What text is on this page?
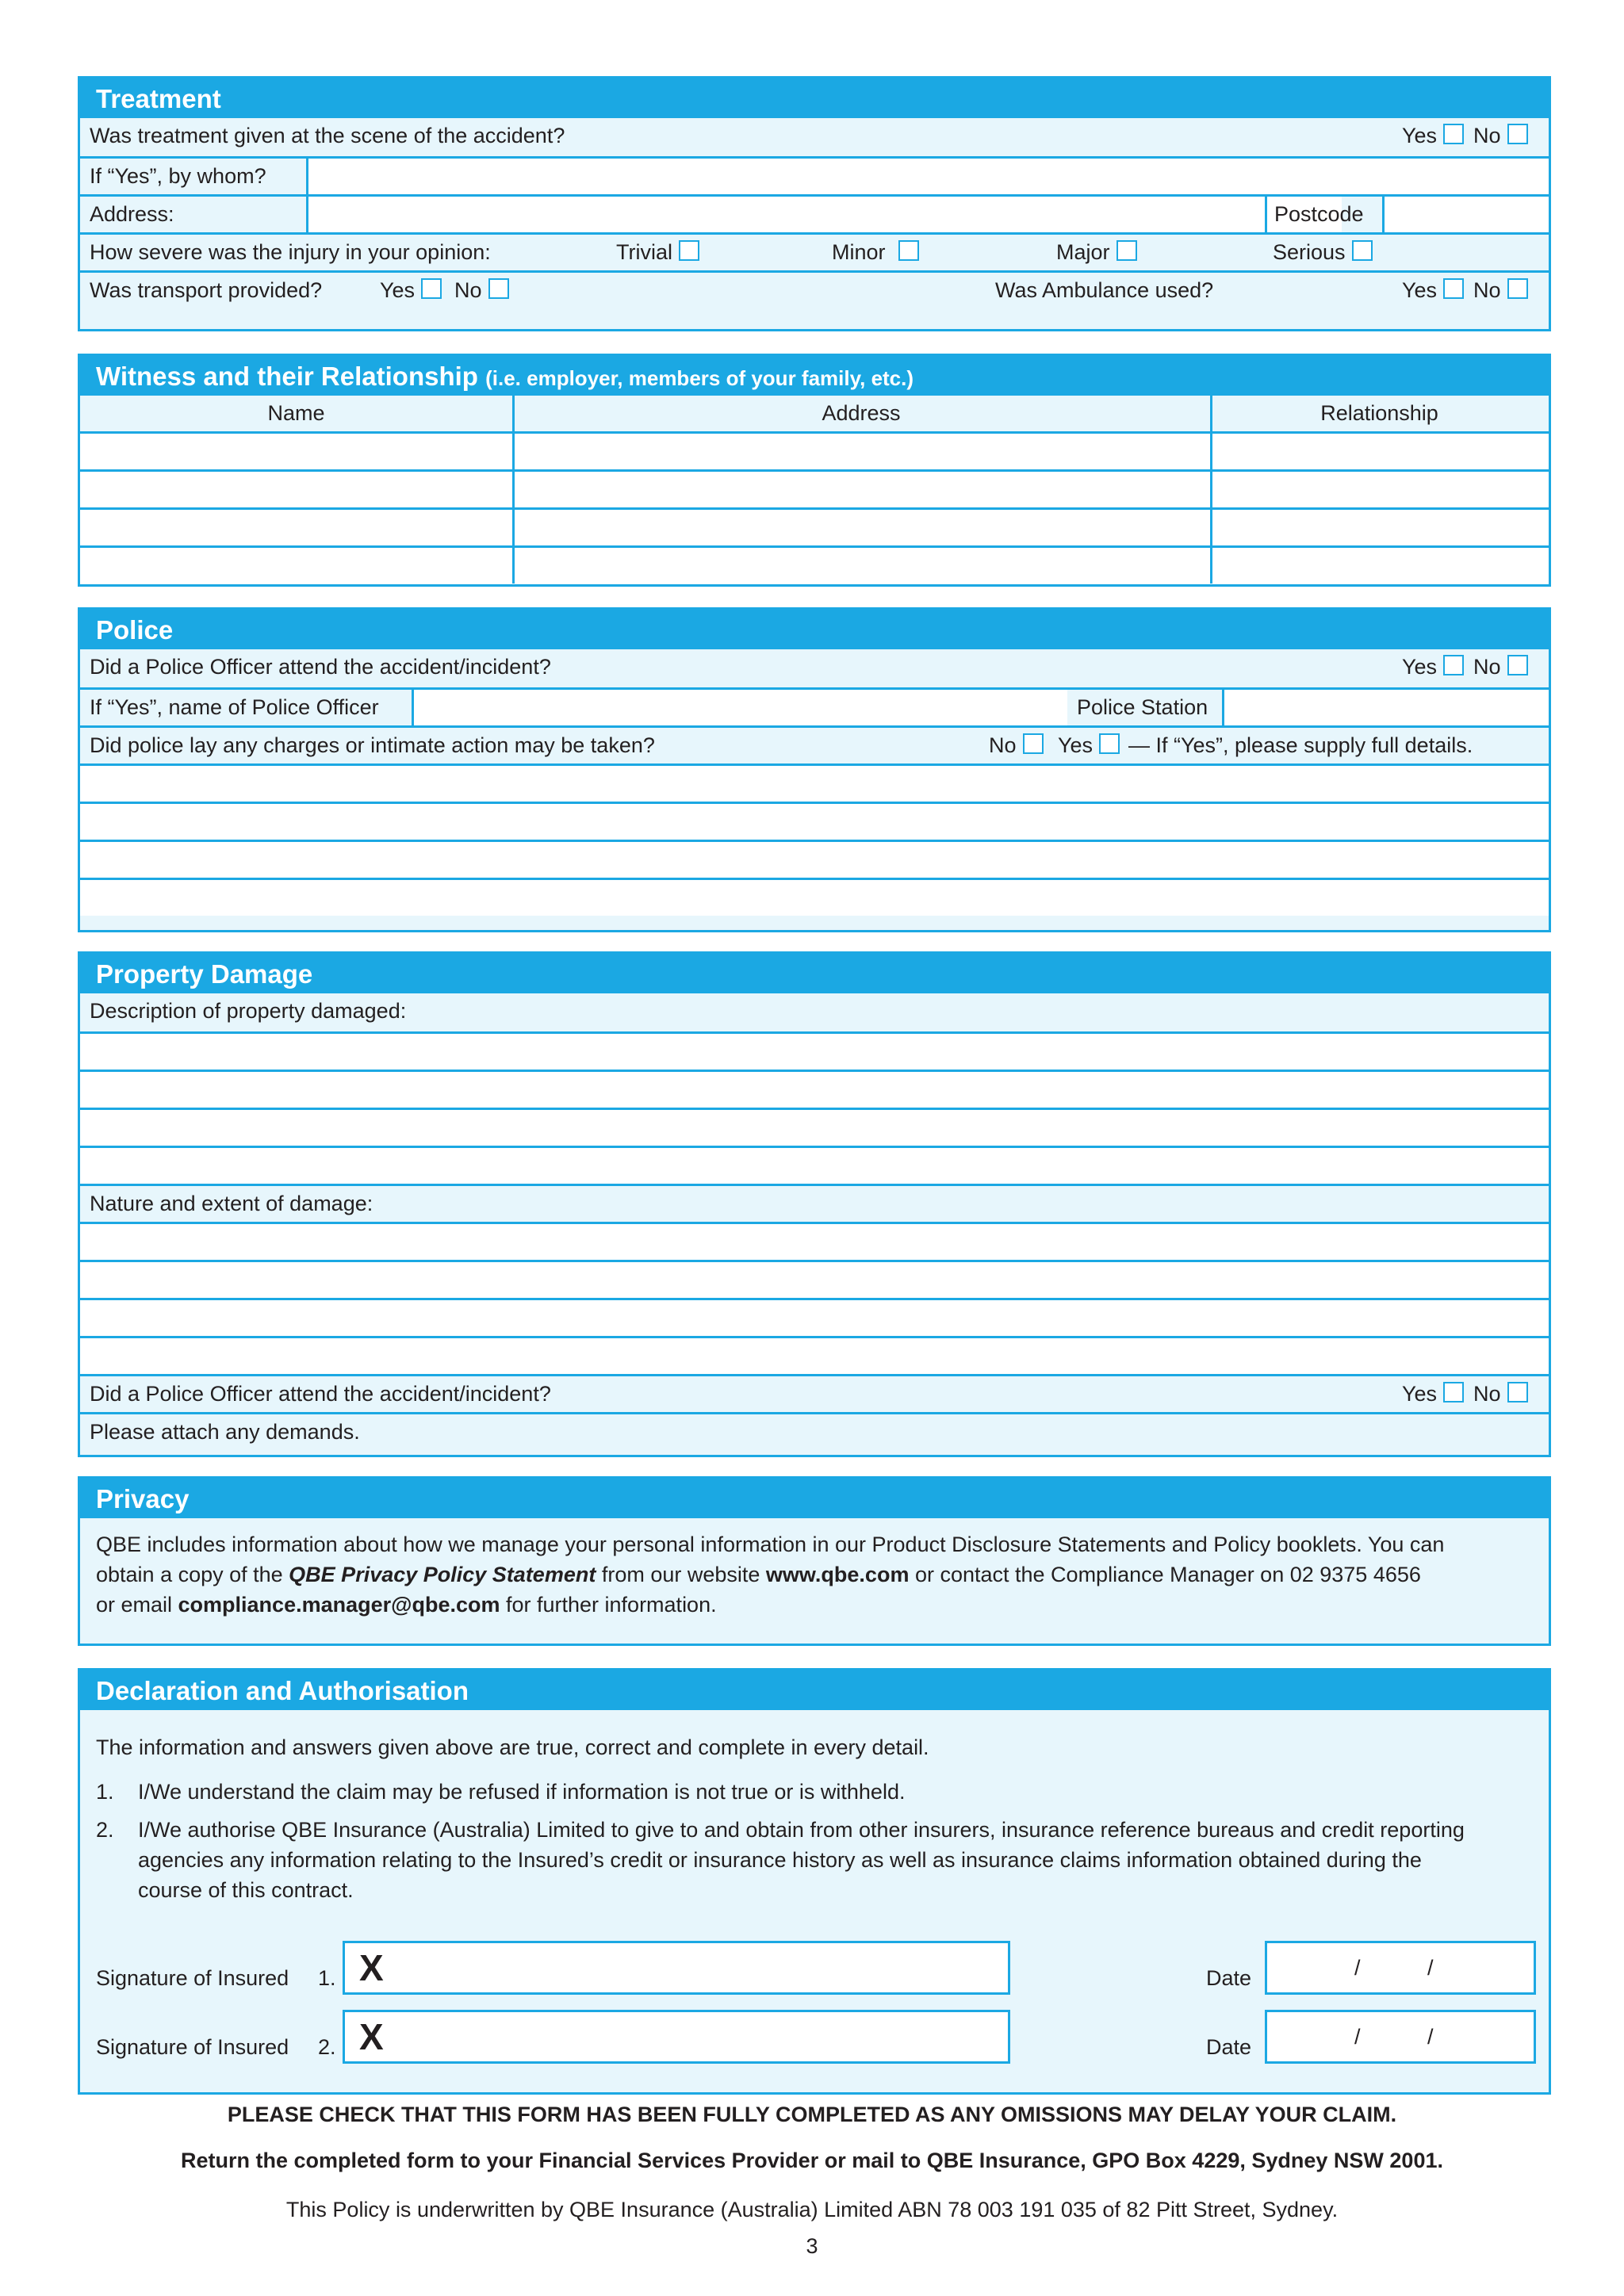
Treatment
Was treatment given at the scene of the accident?	Yes	No
If “Yes”, by whom?
Address:	Postcode
How severe was the injury in your opinion:	Trivial	Minor	Major	Serious
Was transport provided?	Yes	No	Was Ambulance used?	Yes	No
Witness and their Relationship (i.e. employer, members of your family, etc.)
Name	Address	Relationship
Police
Did a Police Officer attend the accident/incident?	Yes	No
If “Yes”, name of Police Officer	Police Station
Did police lay any charges or intimate action may be taken?	No	Yes	— If “Yes”, please supply full details.
Property Damage
Description of property damaged:
Nature and extent of damage:
Did a Police Officer attend the accident/incident?	Yes	No
Please attach any demands.
Privacy
QBE includes information about how we manage your personal information in our Product Disclosure Statements and Policy booklets. You can
obtain a copy of the QBE Privacy Policy Statement from our website www.qbe.com or contact the Compliance Manager on 02 9375 4656
or email compliance.manager@qbe.com for further information.
Declaration and Authorisation
The information and answers given above are true, correct and complete in every detail.
1. I/We understand the claim may be refused if information is not true or is withheld.
2. I/We authorise QBE Insurance (Australia) Limited to give to and obtain from other insurers, insurance reference bureaus and credit reporting
agencies any information relating to the Insured’s credit or insurance history as well as insurance claims information obtained during the
course of this contract.
Signature of Insured 1. X	Date	/	/
Signature of Insured 2. X	Date	/	/
PLEASE CHECK THAT THIS FORM HAS BEEN FULLY COMPLETED AS ANY OMISSIONS MAY DELAY YOUR CLAIM.
Return the completed form to your Financial Services Provider or mail to QBE Insurance, GPO Box 4229, Sydney NSW 2001.
This Policy is underwritten by QBE Insurance (Australia) Limited ABN 78 003 191 035 of 82 Pitt Street, Sydney.
3
